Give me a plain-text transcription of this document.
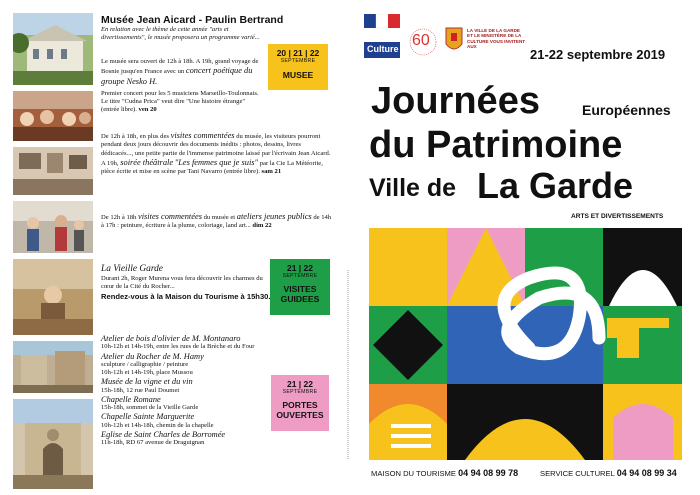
Musée Jean Aicard - Paulin Bertrand
En relation avec le thème de cette année "arts et divertissements", le musée proposera un programme varié...

Le musée sera ouvert de 12h à 18h. A 19h, grand voyage de Bosnie jusqu'en France avec un concert poétique du groupe Nesko H.

Premier concert pour les 5 musiciens Marseillo-Toulonnais. Le titre "Cudna Prica" veut dire "Une histoire étrange" (entrée libre). ven 20

20 | 21 | 22
SEPTEMBRE
MUSEE

De 12h à 18h, en plus des visites commentées du musée, les visiteurs pourront pendant deux jours découvrir des documents inédits : photos, dessins, livres dédicacés..., une petite partie de l'immense patrimoine laissé par l'écrivain Jean Aicard. A 19h, soirée théâtrale "Les femmes que je suis" par la Cie La Météorite, pièce écrite et mise en scène par Tani Navarro (entrée libre). sam 21

De 12h à 18h visites commentées du musée et ateliers jeunes publics de 14h à 17h : peinture, écriture à la plume, coloriage, land art... dim 22

La Vieille Garde
Durant 2h, Roger Murena vous fera découvrir les charmes du cœur de la Cité du Rocher...
Rendez-vous à la Maison du Tourisme à 15h30.
21 | 22
SEPTEMBRE
VISITES
GUIDEES
Atelier de bois d'olivier de M. Montanaro
10h-12h et 14h-19h, entre les rues de la Brèche et du Four
Atelier du Rocher de M. Hamy
sculpture / calligraphie / peinture
10h-12h et 14h-19h, place Mussou
Musée de la vigne et du vin
15h-18h, 12 rue Paul Doumet
Chapelle Romane
15h-18h, sommet de la Vieille Garde
Chapelle Sainte Marguerite
10h-12h et 14h-18h, chemin de la chapelle
Eglise de Saint Charles de Borromée
11h-18h, RD 67 avenue de Draguignan
21 | 22
SEPTEMBRE
PORTES
OUVERTES
Culture 60
LA VILLE DE LA GARDE ET LE MINISTÈRE DE LA CULTURE VOUS INVITENT AUX
21-22 septembre 2019
Journées	Européennes
du Patrimoine
Ville de La Garde
ARTS ET DIVERTISSEMENTS
MAISON DU TOURISME 04 94 08 99 78	SERVICE CULTUREL 04 94 08 99 34
